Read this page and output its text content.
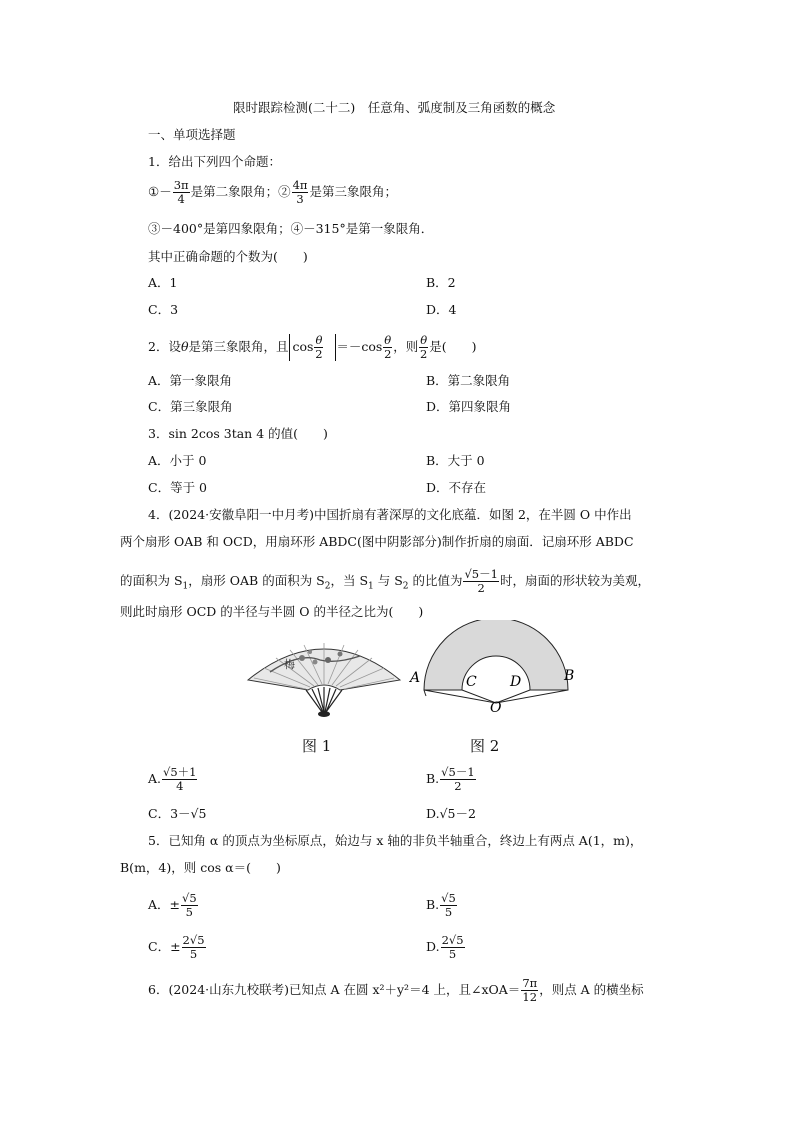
限时跟踪检测(二十二)　任意角、弧度制及三角函数的概念
一、单项选择题
1．给出下列四个命题：
①－ $\frac{3\pi}{4}$ 是第二象限角；② $\frac{4\pi}{3}$ 是第三象限角；
③－400°是第四象限角；④－315°是第一象限角．
其中正确命题的个数为(　　)
A．1	B．2
C．3	D．4
2．设θ是第三象限角，且 $\cos \frac{\theta}{2} =-\cos \frac{\theta}{2}$ ，则 $\frac{\theta}{2}$ 是(　　)
A．第一象限角	B．第二象限角
C．第三象限角	D．第四象限角
3．sin 2cos 3tan 4 的值(　　)
A．小于 0	B．大于 0
C．等于 0	D．不存在
4．(2024·安徽阜阳一中月考)中国折扇有著深厚的文化底蕴．如图 2，在半圆 O 中作出
两个扇形 OAB 和 OCD，用扇环形 ABDC(图中阴影部分)制作折扇的扇面．记扇环形 ABDC
的面积为 $S_1$，扇形 OAB 的面积为 $S_2$，当 $S_1$ 与 $S_2$ 的比值为 $\frac{√5-1}{2}$ 时，扇面的形状较为美观，
则此时扇形 OCD 的半径与半圆 O 的半径之比为(　　)
梅
A	B
C D
O
图 1	图 2
A. $\frac{√5+1}{4}$	B. $\frac{√5-1}{2}$
C．3－√5	D.√5－2
5．已知角 α 的顶点为坐标原点，始边与 x 轴的非负半轴重合，终边上有两点 A(1，m)，
B(m，4)，则 cos α＝(　　)
A．± $\frac{√5}{5}$	B. $\frac{√5}{5}$
C．± $\frac{2√5}{5}$	D. $\frac{2√5}{5}$
6．(2024·山东九校联考)已知点 A 在圆 x²＋y²＝4 上，且∠xOA＝ $\frac{7\pi}{12}$ ，则点 A 的横坐标
